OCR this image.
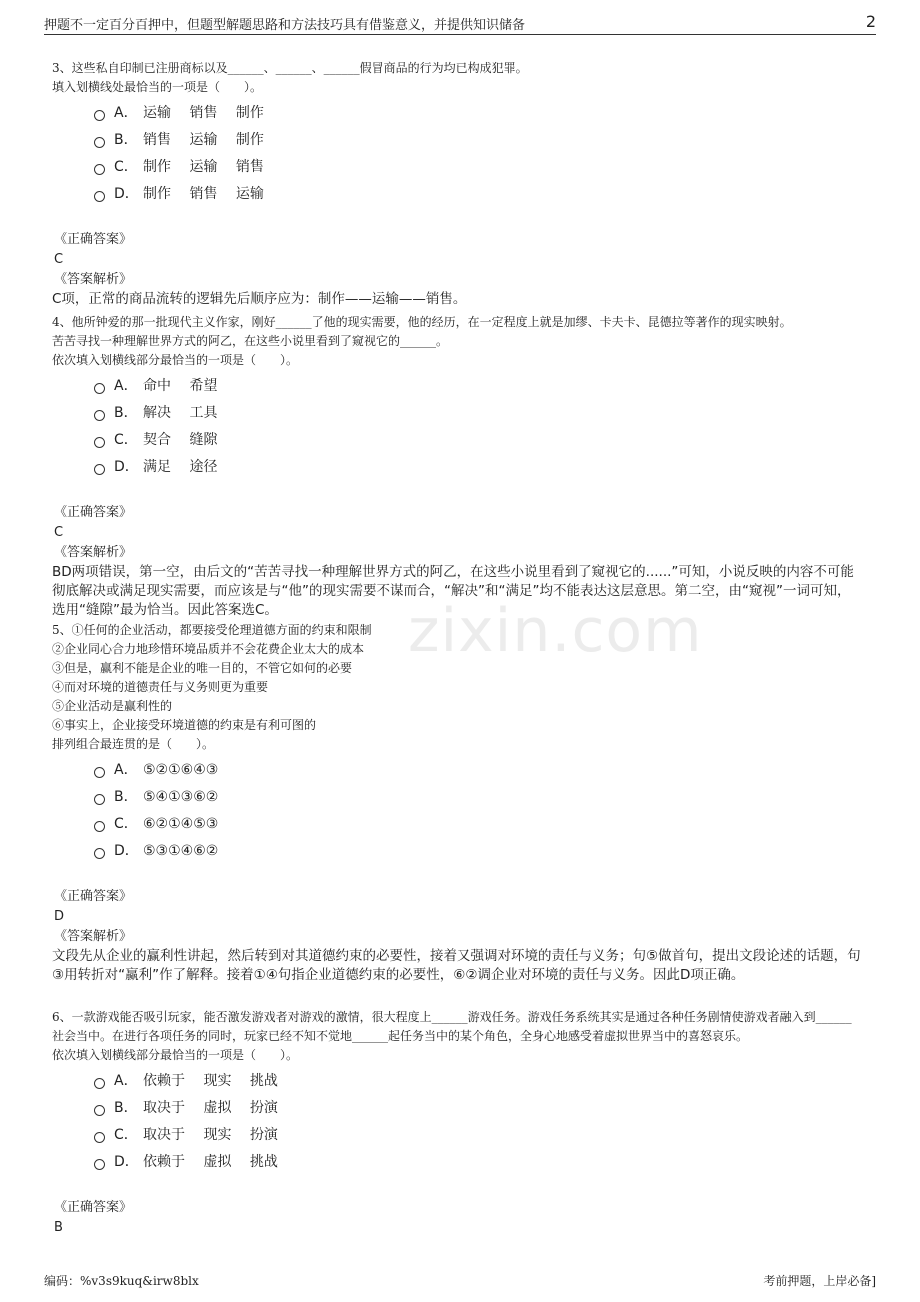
zixin.com
押题不一定百分百押中，但题型解题思路和方法技巧具有借鉴意义，并提供知识储备	2

3、这些私自印制已注册商标以及______、______、______假冒商品的行为均已构成犯罪。

填入划横线处最恰当的一项是（　　）。

A． 运输 销售 制作
B． 销售 运输 制作
C． 制作 运输 销售
D． 制作 销售 运输
《正确答案》
C
《答案解析》

C项，正常的商品流转的逻辑先后顺序应为：制作——运输——销售。

4、他所钟爱的那一批现代主义作家，刚好______了他的现实需要，他的经历，在一定程度上就是加缪、卡夫卡、昆德拉等著作的现实映射。

苦苦寻找一种理解世界方式的阿乙，在这些小说里看到了窥视它的______。

依次填入划横线部分最恰当的一项是（　　）。

A． 命中 希望
B． 解决 工具
C． 契合 缝隙
D． 满足 途径
《正确答案》
C
《答案解析》

BD两项错误，第一空，由后文的“苦苦寻找一种理解世界方式的阿乙，在这些小说里看到了窥视它的......”可知，小说反映的内容不可能彻底解决或满足现实需要，而应该是与“他”的现实需要不谋而合，“解决”和“满足”均不能表达这层意思。第二空，由“窥视”一词可知，选用“缝隙”最为恰当。因此答案选C。

5、①任何的企业活动，都要接受伦理道德方面的约束和限制

②企业同心合力地珍惜环境品质并不会花费企业太大的成本

③但是，赢利不能是企业的唯一目的，不管它如何的必要

④而对环境的道德责任与义务则更为重要

⑤企业活动是赢利性的

⑥事实上，企业接受环境道德的约束是有利可图的

排列组合最连贯的是（　　）。

A． ⑤②①⑥④③
B． ⑤④①③⑥②
C． ⑥②①④⑤③
D． ⑤③①④⑥②
《正确答案》
D
《答案解析》

文段先从企业的赢利性讲起，然后转到对其道德约束的必要性，接着又强调对环境的责任与义务；句⑤做首句，提出文段论述的话题，句③用转折对“赢利”作了解释。接着①④句指企业道德约束的必要性，⑥②调企业对环境的责任与义务。因此D项正确。

6、一款游戏能否吸引玩家，能否激发游戏者对游戏的激情，很大程度上______游戏任务。游戏任务系统其实是通过各种任务剧情使游戏者融入到______社会当中。在进行各项任务的同时，玩家已经不知不觉地______起任务当中的某个角色，全身心地感受着虚拟世界当中的喜怒哀乐。

依次填入划横线部分最恰当的一项是（　　）。

A． 依赖于 现实 挑战
B． 取决于 虚拟 扮演
C． 取决于 现实 扮演
D． 依赖于 虚拟 挑战
《正确答案》
B
编码：%v3s9kuq&irw8blx	考前押题，上岸必备]
